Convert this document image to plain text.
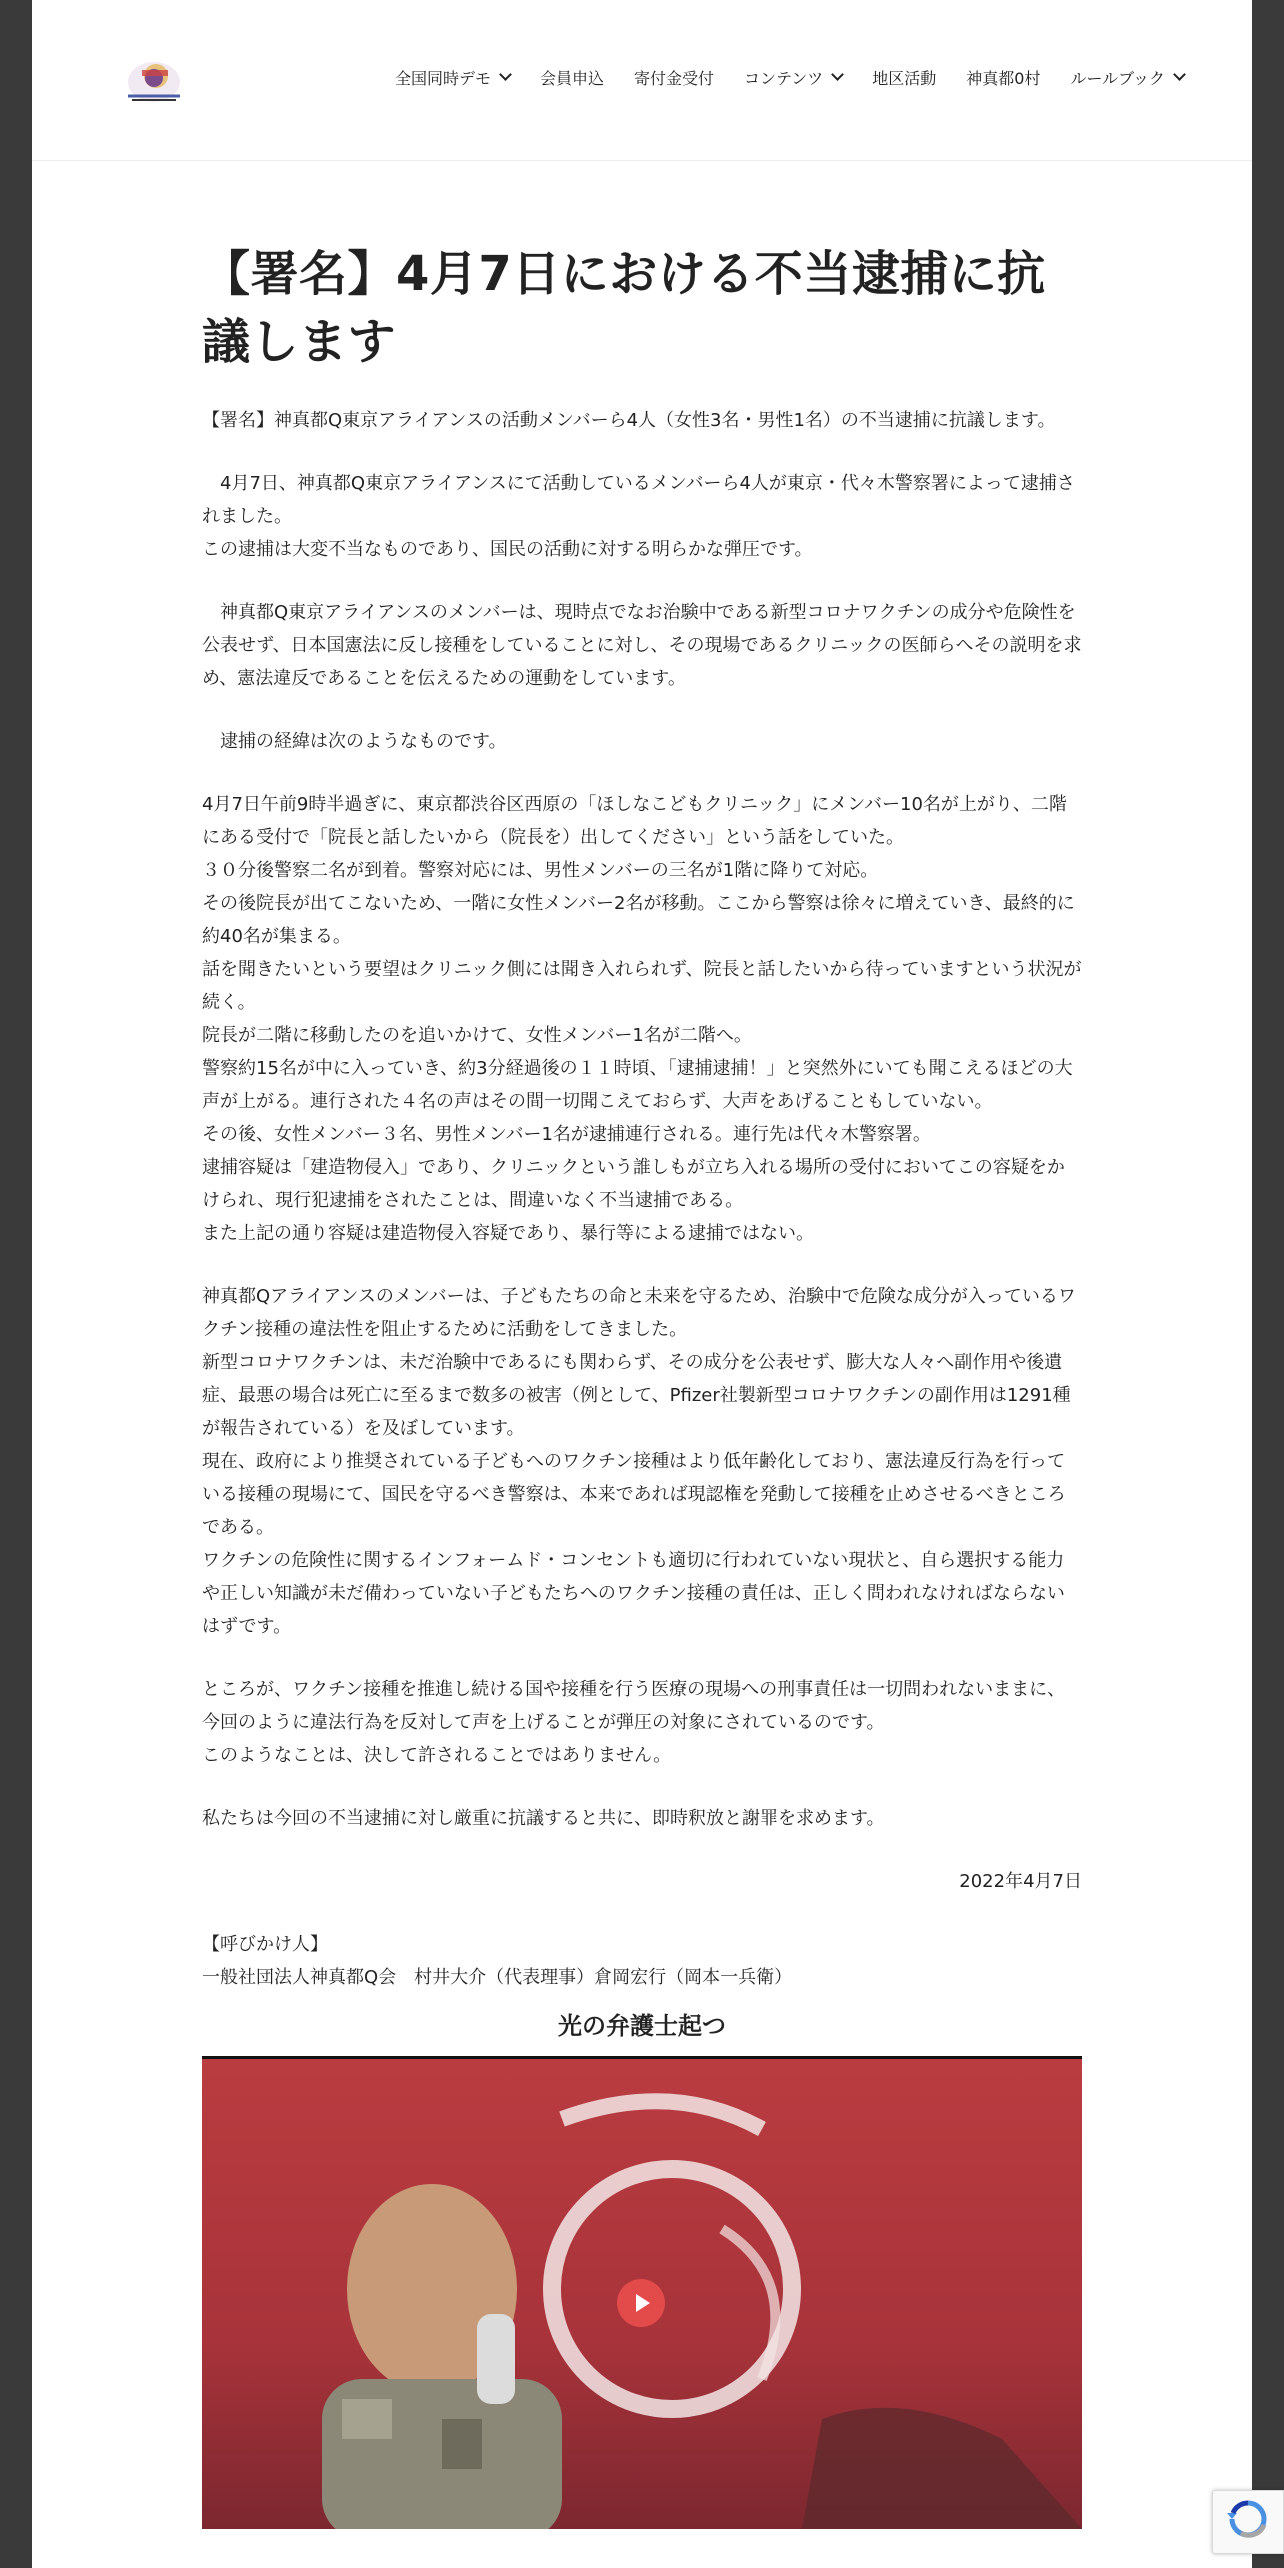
全国同時デモ	会員申込 寄付金受付 コンテンツ	地区活動 神真都0村 ルールブック
【署名】4月7日における不当逮捕に抗議します
【署名】神真都Q東京アライアンスの活動メンバーら4人（女性3名・男性1名）の不当逮捕に抗議します。

4月7日、神真都Q東京アライアンスにて活動しているメンバーら4人が東京・代々木警察署によって逮捕されました。

この逮捕は大変不当なものであり、国民の活動に対する明らかな弾圧です。

神真都Q東京アライアンスのメンバーは、現時点でなお治験中である新型コロナワクチンの成分や危険性を公表せず、日本国憲法に反し接種をしていることに対し、その現場であるクリニックの医師らへその説明を求め、憲法違反であることを伝えるための運動をしています。

逮捕の経緯は次のようなものです。

4月7日午前9時半過ぎに、東京都渋谷区西原の「ほしなこどもクリニック」にメンバー10名が上がり、二階にある受付で「院長と話したいから（院長を）出してください」という話をしていた。

３０分後警察二名が到着。警察対応には、男性メンバーの三名が1階に降りて対応。

その後院長が出てこないため、一階に女性メンバー2名が移動。ここから警察は徐々に増えていき、最終的に約40名が集まる。

話を聞きたいという要望はクリニック側には聞き入れられず、院長と話したいから待っていますという状況が続く。

院長が二階に移動したのを追いかけて、女性メンバー1名が二階へ。

警察約15名が中に入っていき、約3分経過後の１１時頃、「逮捕逮捕！」と突然外にいても聞こえるほどの大声が上がる。連行された４名の声はその間一切聞こえておらず、大声をあげることもしていない。

その後、女性メンバー３名、男性メンバー1名が逮捕連行される。連行先は代々木警察署。

逮捕容疑は「建造物侵入」であり、クリニックという誰しもが立ち入れる場所の受付においてこの容疑をかけられ、現行犯逮捕をされたことは、間違いなく不当逮捕である。

また上記の通り容疑は建造物侵入容疑であり、暴行等による逮捕ではない。

神真都Qアライアンスのメンバーは、子どもたちの命と未来を守るため、治験中で危険な成分が入っているワクチン接種の違法性を阻止するために活動をしてきました。

新型コロナワクチンは、未だ治験中であるにも関わらず、その成分を公表せず、膨大な人々へ副作用や後遺症、最悪の場合は死亡に至るまで数多の被害（例として、Pfizer社製新型コロナワクチンの副作用は1291種が報告されている）を及ぼしています。

現在、政府により推奨されている子どもへのワクチン接種はより低年齢化しており、憲法違反行為を行っている接種の現場にて、国民を守るべき警察は、本来であれば現認権を発動して接種を止めさせるべきところである。

ワクチンの危険性に関するインフォームド・コンセントも適切に行われていない現状と、自ら選択する能力や正しい知識が未だ備わっていない子どもたちへのワクチン接種の責任は、正しく問われなければならないはずです。

ところが、ワクチン接種を推進し続ける国や接種を行う医療の現場への刑事責任は一切問われないままに、今回のように違法行為を反対して声を上げることが弾圧の対象にされているのです。

このようなことは、決して許されることではありません。

私たちは今回の不当逮捕に対し厳重に抗議すると共に、即時釈放と謝罪を求めます。

2022年4月7日

【呼びかけ人】

一般社団法人神真都Q会　村井大介（代表理事）倉岡宏行（岡本一兵衛）

光の弁護士起つ
